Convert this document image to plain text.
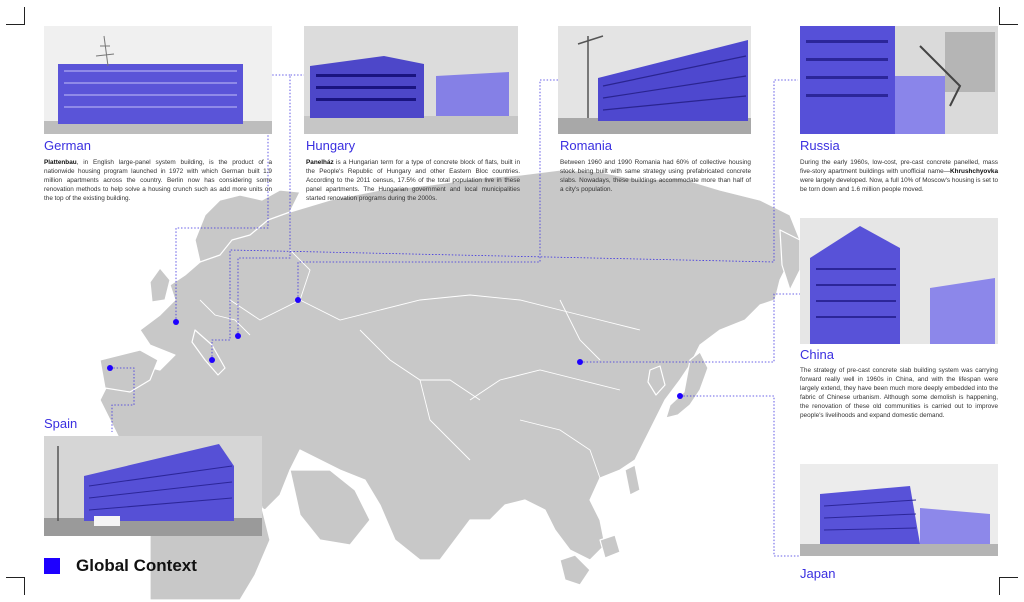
German

Plattenbau, in English large-panel system building, is the product of a nationwide housing program launched in 1972 with which German built 1.9 million apartments across the country. Berlin now has considering some renovation methods to help solve a housing crunch such as add more units on the top of the existing building.

Hungary

Panelház is a Hungarian term for a type of concrete block of flats, built in the People's Republic of Hungary and other Eastern Bloc countries. According to the 2011 census, 17.5% of the total population live in these panel apartments. The Hungarian government and local municipalities started renovation programs during the 2000s.

Romania

Between 1960 and 1990 Romania had 60% of collective housing stock being built with same strategy using prefabricated concrete slabs. Nowadays, these buildings accommodate more than half of a city's population.

Russia

During the early 1960s, low-cost, pre-cast concrete panelled, mass five-story apartment buildings with unofficial name—Khrushchyovka were largely developed. Now, a full 10% of Moscow's housing is set to be torn down and 1.6 million people moved.

China

The strategy of pre-cast concrete slab building system was carrying forward really well in 1960s in China, and with the lifespan were largely extend, they have been much more deeply embedded into the fabric of Chinese urbanism. Although some demolish is happening, the renovation of these old communities is carried out to improve people's livelihoods and expand domestic demand.

Spain
Japan
Global Context
